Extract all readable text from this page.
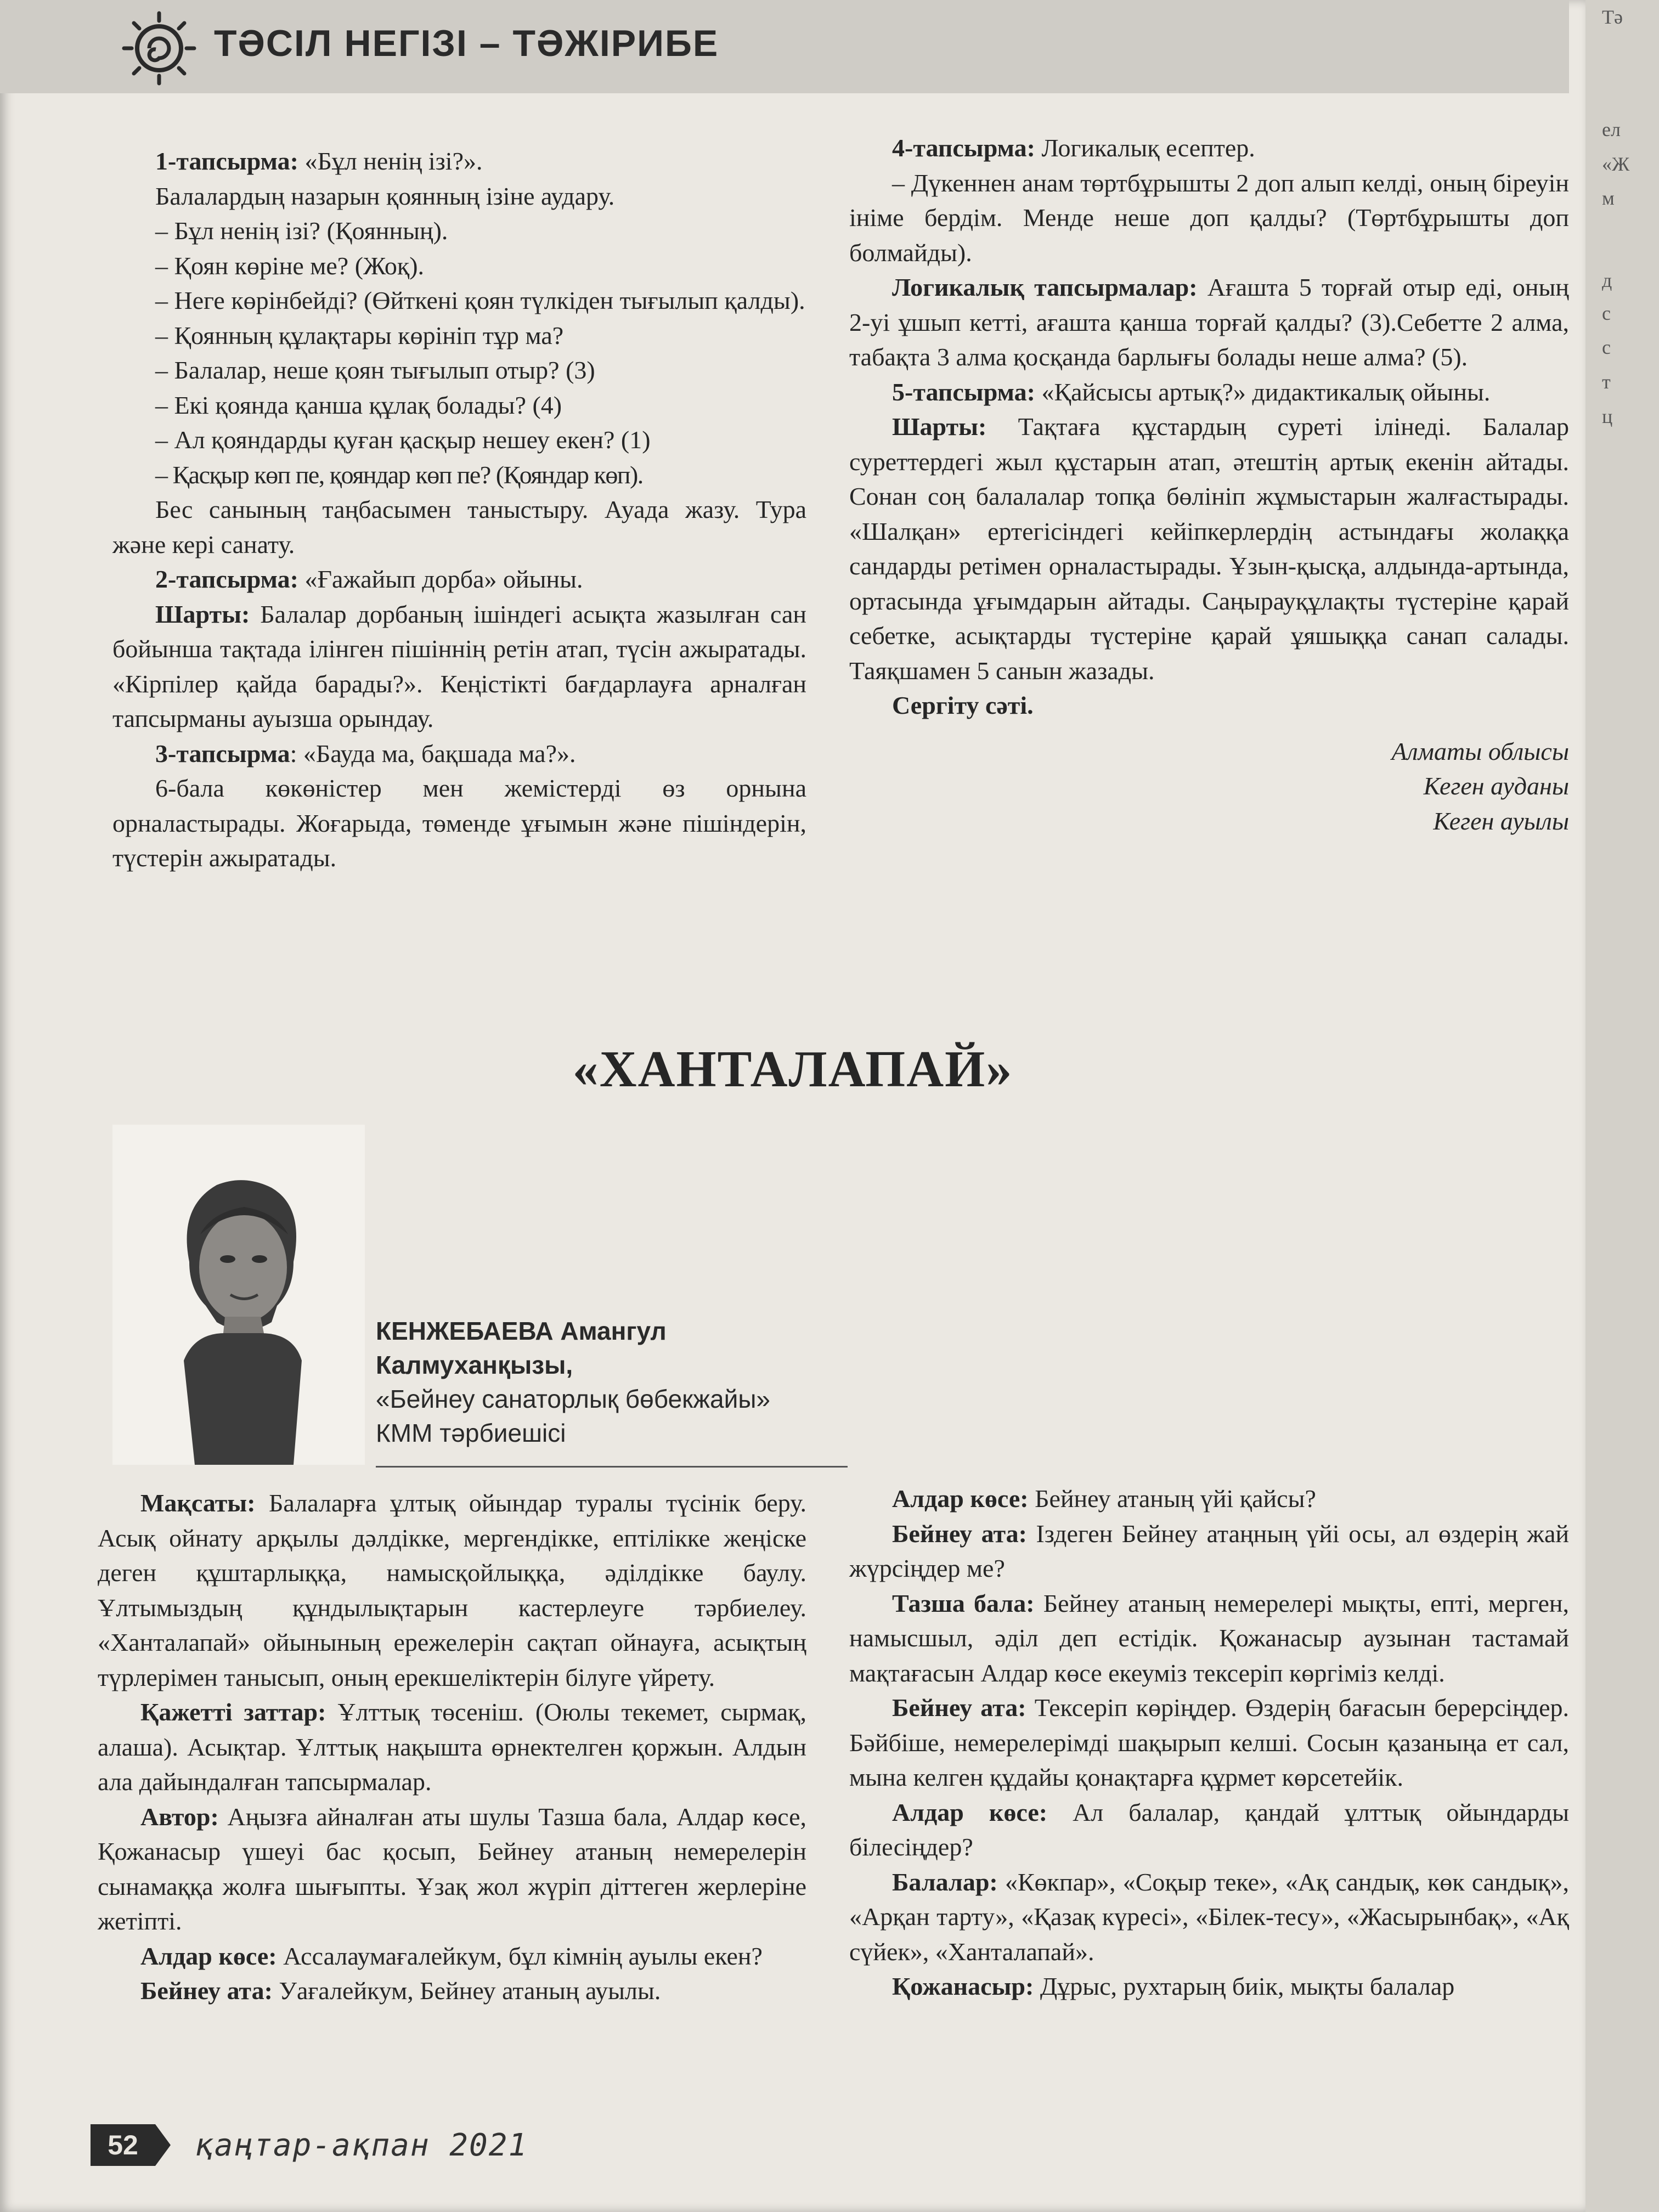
ТӘСІЛ НЕГІЗІ – ТӘЖІРИБЕ

1-тапсырма: «Бұл ненің ізі?».

Балалардың назарын қоянның ізіне аудару.

– Бұл ненің ізі? (Қоянның).

– Қоян көріне ме? (Жоқ).

– Неге көрінбейді? (Өйткені қоян түлкіден тығылып қалды).

– Қоянның құлақтары көрініп тұр ма?

– Балалар, неше қоян тығылып отыр? (3)

– Екі қоянда қанша құлақ болады? (4)

– Ал қояндарды қуған қасқыр нешеу екен? (1)

– Қасқыр көп пе, қояндар көп пе? (Қояндар көп).

Бес санының таңбасымен таныстыру. Ауада жазу. Тура және кері санату.

2-тапсырма: «Ғажайып дорба» ойыны.

Шарты: Балалар дорбаның ішіндегі асықта жазылған сан бойынша тақтада ілінген пішіннің ретін атап, түсін ажыратады. «Кірпілер қайда барады?». Кеңістікті бағдарлауға арналған тапсырманы ауызша орындау.

3-тапсырма: «Бауда ма, бақшада ма?».

6-бала көкөністер мен жемістерді өз орнына орналастырады. Жоғарыда, төменде ұғымын және пішіндерін, түстерін ажыратады.

4-тапсырма: Логикалық есептер.

– Дүкеннен анам төртбұрышты 2 доп алып келді, оның біреуін ініме бердім. Менде неше доп қалды? (Төртбұрышты доп болмайды).

Логикалық тапсырмалар: Ағашта 5 торғай отыр еді, оның 2-уі ұшып кетті, ағашта қанша торғай қалды? (3).Себетте 2 алма, табақта 3 алма қосқанда барлығы болады неше алма? (5).

5-тапсырма: «Қайсысы артық?» дидактикалық ойыны.

Шарты: Тақтаға құстардың суреті ілінеді. Балалар суреттердегі жыл құстарын атап, әтештің артық екенін айтады. Сонан соң балалалар топқа бөлініп жұмыстарын жалғастырады. «Шалқан» ертегісіндегі кейіпкерлердің астындағы жолаққа сандарды ретімен орналастырады. Ұзын-қысқа, алдында-артында, ортасында ұғымдарын айтады. Саңырауқұлақты түстеріне қарай себетке, асықтарды түстеріне қарай ұяшыққа санап салады. Таяқшамен 5 санын жазады.

Сергіту сәті.

Алматы облысы

Кеген ауданы

Кеген ауылы

«ХАНТАЛАПАЙ»
КЕНЖЕБАЕВА Амангул
Калмуханқызы,
«Бейнеу санаторлық бөбекжайы»
КММ тәрбиешісі

Мақсаты: Балаларға ұлтық ойындар туралы түсінік беру. Асық ойнату арқылы дәлдікке, мергендікке, ептілікке жеңіске деген құштарлыққа, намысқойлыққа, әділдікке баулу. Ұлтымыздың құндылықтарын кастерлеуге тәрбиелеу. «Ханталапай» ойынының ережелерін сақтап ойнауға, асықтың түрлерімен танысып, оның ерекшеліктерін білуге үйрету.

Қажетті заттар: Ұлттық төсеніш. (Оюлы текемет, сырмақ, алаша). Асықтар. Ұлттық нақышта өрнектелген қоржын. Алдын ала дайындалған тапсырмалар.

Автор: Аңызға айналған аты шулы Тазша бала, Алдар көсе, Қожанасыр үшеуі бас қосып, Бейнеу атаның немерелерін сынамаққа жолға шығыпты. Ұзақ жол жүріп діттеген жерлеріне жетіпті.

Алдар көсе: Ассалаумағалейкум, бұл кімнің ауылы екен?

Бейнеу ата: Уағалейкум, Бейнеу атаның ауылы.

Алдар көсе: Бейнеу атаның үйі қайсы?

Бейнеу ата: Іздеген Бейнеу атаңның үйі осы, ал өздерің жай жүрсіңдер ме?

Тазша бала: Бейнеу атаның немерелері мықты, епті, мерген, намысшыл, әділ деп естідік. Қожанасыр аузынан тастамай мақтағасын Алдар көсе екеуміз тексеріп көргіміз келді.

Бейнеу ата: Тексеріп көріңдер. Өздерің бағасын берерсіңдер. Бәйбіше, немерелерімді шақырып келші. Сосын қазаныңа ет сал, мына келген құдайы қонақтарға құрмет көрсетейік.

Алдар көсе: Ал балалар, қандай ұлттық ойындарды білесіңдер?

Балалар: «Көкпар», «Соқыр теке», «Ақ сандық, көк сандық», «Арқан тарту», «Қазақ күресі», «Білек-тесу», «Жасырынбақ», «Ақ сүйек», «Ханталапай».

Қожанасыр: Дұрыс, рухтарың биік, мықты балалар

52	қаңтар-ақпан 2021
Тә
ел
«Ж
м
д
с
с
т
ц
